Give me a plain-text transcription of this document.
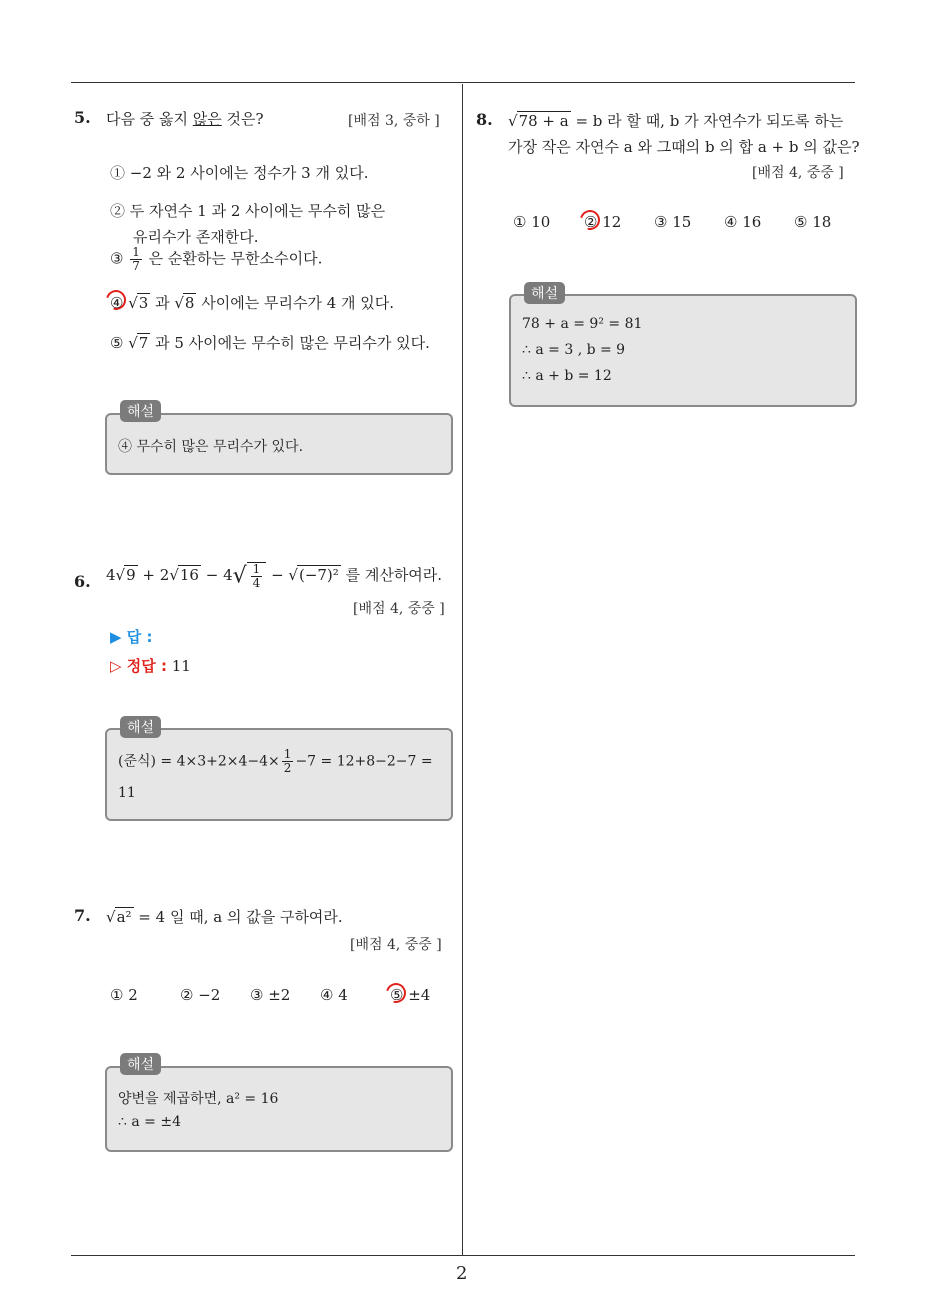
2
5. 다음 중 옳지 않은 것은?	[배점 3, 중하 ]
① −2 와 2 사이에는 정수가 3 개 있다.
② 두 자연수 1 과 2 사이에는 무수히 많은
유리수가 존재한다.
③ $\frac{1}{7}$ 은 순환하는 무한소수이다.
④ √3 과 √8 사이에는 무리수가 4 개 있다.
⑤ √7 과 5 사이에는 무수히 많은 무리수가 있다.
해설
④ 무수히 많은 무리수가 있다.
6. $4√9 + 2√16 - 4√ \frac{1}{4} - √(-7)^2$ 를 계산하여라.
[배점 4, 중중 ]
▶ 답 :
▷ 정답 : 11
해설
(준식) = $4\times 3+2\times 4-4\times \frac{1}{2} -7 = 12+8-2-7$ =
11
7. √a² = 4 일 때, a 의 값을 구하여라.
[배점 4, 중중 ]
① 2	② −2 ③ ±2 ④ 4	⑤ ±4
해설
양변을 제곱하면, a² = 16
∴ a = ±4
8. √78 + a = b 라 할 때, b 가 자연수가 되도록 하는
가장 작은 자연수 a 와 그때의 b 의 합 a + b 의 값은?
[배점 4, 중중 ]
① 10 ② 12 ③ 15 ④ 16 ⑤ 18
해설
78 + a = 9² = 81
∴ a = 3 , b = 9
∴ a + b = 12
